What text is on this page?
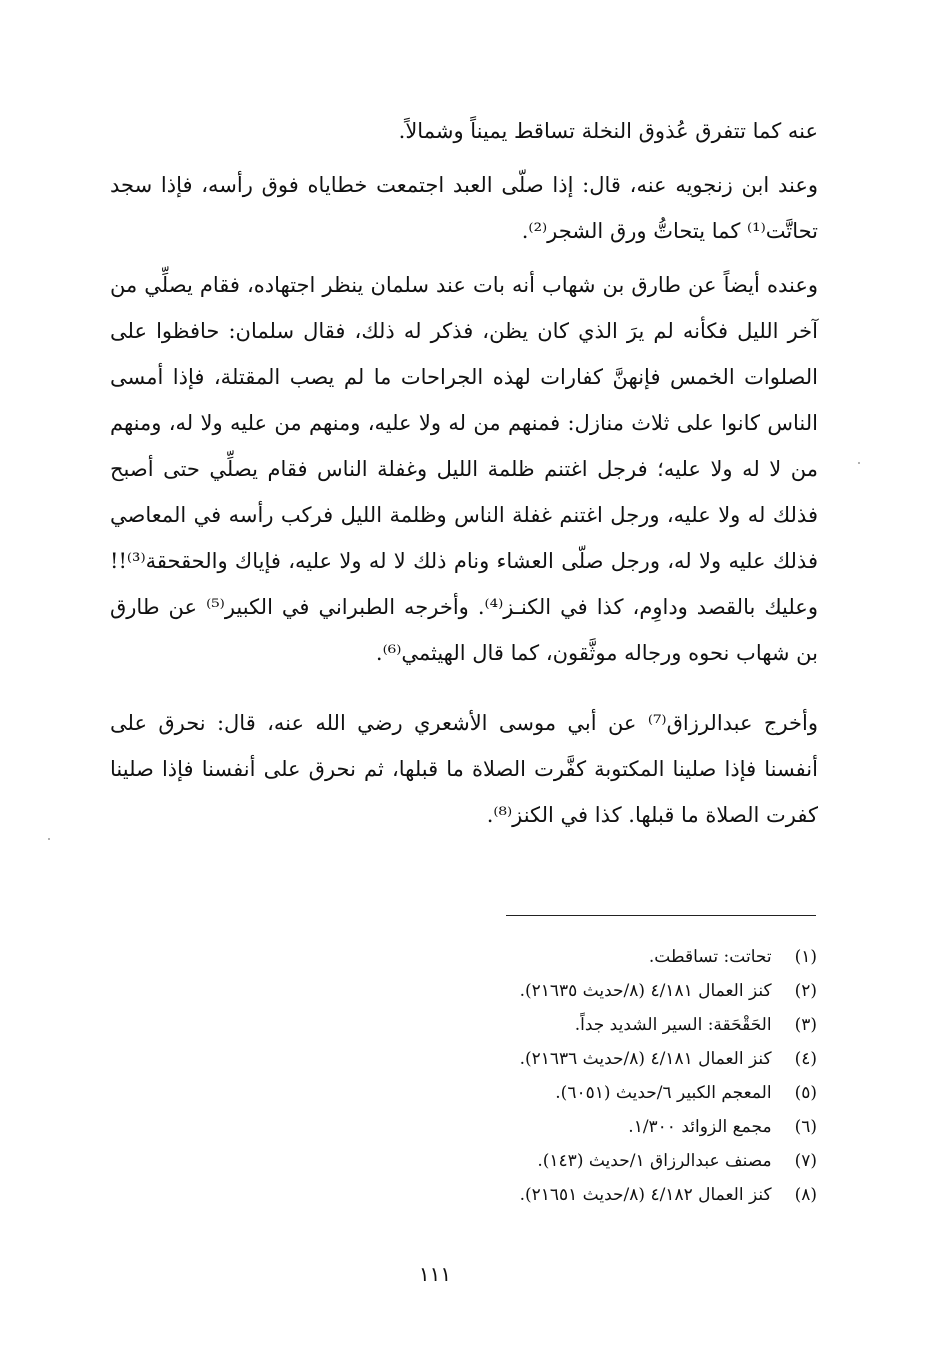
عنه كما تتفرق عُذوق النخلة تساقط يميناً وشمالاً.

وعند ابن زنجويه عنه، قال: إذا صلّى العبد اجتمعت خطاياه فوق رأسه، فإذا سجد تحاتَّت⁽¹⁾ كما يتحاتُّ ورق الشجر⁽²⁾.

وعنده أيضاً عن طارق بن شهاب أنه بات عند سلمان ينظر اجتهاده، فقام يصلِّي من آخر الليل فكأنه لم يرَ الذي كان يظن، فذكر له ذلك، فقال سلمان: حافظوا على الصلوات الخمس فإنهنَّ كفارات لهذه الجراحات ما لم يصب المقتلة، فإذا أمسى الناس كانوا على ثلاث منازل: فمنهم من له ولا عليه، ومنهم من عليه ولا له، ومنهم من لا له ولا عليه؛ فرجل اغتنم ظلمة الليل وغفلة الناس فقام يصلِّي حتى أصبح فذلك له ولا عليه، ورجل اغتنم غفلة الناس وظلمة الليل فركب رأسه في المعاصي فذلك عليه ولا له، ورجل صلّى العشاء ونام ذلك لا له ولا عليه، فإياك والحقحقة⁽³⁾!! وعليك بالقصد وداوِم، كذا في الكنـز⁽⁴⁾. وأخرجه الطبراني في الكبير⁽⁵⁾ عن طارق بن شهاب نحوه ورجاله موثَّقون، كما قال الهيثمي⁽⁶⁾.

وأخرج عبدالرزاق⁽⁷⁾ عن أبي موسى الأشعري رضي الله عنه، قال: نحرق على أنفسنا فإذا صلينا المكتوبة كفَّرت الصلاة ما قبلها، ثم نحرق على أنفسنا فإذا صلينا كفرت الصلاة ما قبلها. كذا في الكنز⁽⁸⁾.

(١) تحاتت: تساقطت.
(٢) كنز العمال ٤/١٨١ (٨/حديث ٢١٦٣٥).
(٣) الحَقْحَقة: السير الشديد جداً.
(٤) كنز العمال ٤/١٨١ (٨/حديث ٢١٦٣٦).
(٥) المعجم الكبير ٦/حديث (٦٠٥١).
(٦) مجمع الزوائد ١/٣٠٠.
(٧) مصنف عبدالرزاق ١/حديث (١٤٣).
(٨) كنز العمال ٤/١٨٢ (٨/حديث ٢١٦٥١).
١١١
